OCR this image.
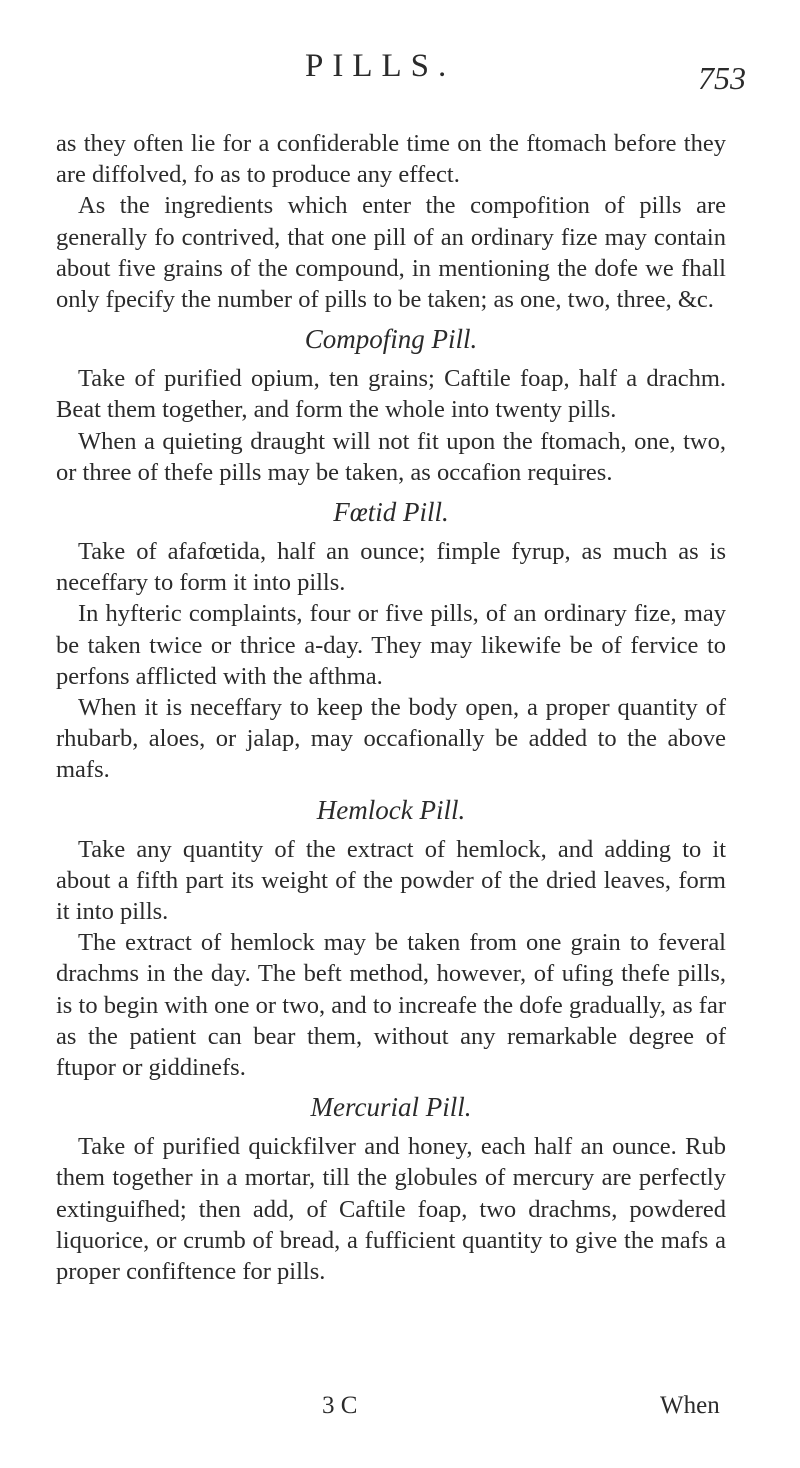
PILLS.	753

as they often lie for a confiderable time on the ftomach before they are diffolved, fo as to produce any effect.

As the ingredients which enter the compofition of pills are generally fo contrived, that one pill of an ordinary fize may contain about five grains of the compound, in mentioning the dofe we fhall only fpecify the number of pills to be taken; as one, two, three, &c.

Compofing Pill.

Take of purified opium, ten grains; Caftile foap, half a drachm. Beat them together, and form the whole into twenty pills.

When a quieting draught will not fit upon the ftomach, one, two, or three of thefe pills may be taken, as occafion requires.

Fœtid Pill.

Take of afafœtida, half an ounce; fimple fyrup, as much as is neceffary to form it into pills.

In hyfteric complaints, four or five pills, of an ordinary fize, may be taken twice or thrice a-day. They may likewife be of fervice to perfons afflicted with the afthma.

When it is neceffary to keep the body open, a proper quantity of rhubarb, aloes, or jalap, may occafionally be added to the above mafs.

Hemlock Pill.

Take any quantity of the extract of hemlock, and adding to it about a fifth part its weight of the powder of the dried leaves, form it into pills.

The extract of hemlock may be taken from one grain to feveral drachms in the day. The beft method, however, of ufing thefe pills, is to begin with one or two, and to increafe the dofe gradually, as far as the patient can bear them, without any remarkable degree of ftupor or giddinefs.

Mercurial Pill.

Take of purified quickfilver and honey, each half an ounce. Rub them together in a mortar, till the globules of mercury are perfectly extinguifhed; then add, of Caftile foap, two drachms, powdered liquorice, or crumb of bread, a fufficient quantity to give the mafs a proper confiftence for pills.

3 C	When
